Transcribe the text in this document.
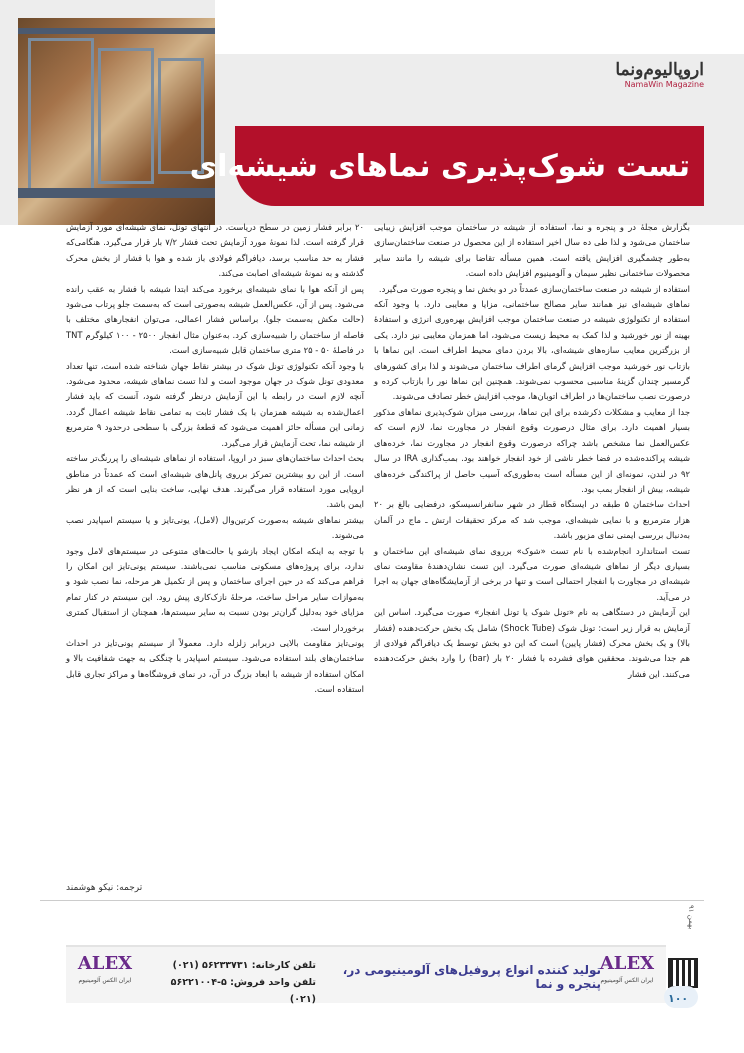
اروپالیوم‌ونما
NamaWin Magazine
تست شوک‌پذیری نماهای شیشه‌ای

بگزارش مجلهٔ در و پنجره و نما، استفاده از شیشه در ساختمان موجب افزایش زیبایی ساختمان می‌شود و لذا طی ده سال اخیر استفاده از این محصول در صنعت ساختمان‌سازی به‌طور چشمگیری افزایش یافته است. همین مسأله تقاضا برای شیشه را مانند سایر محصولات ساختمانی نظیر سیمان و آلومینیوم افزایش داده است.

استفاده از شیشه در صنعت ساختمان‌سازی عمدتاً در دو بخش نما و پنجره صورت می‌گیرد.

نماهای شیشه‌ای نیز همانند سایر مصالح ساختمانی، مزایا و معایبی دارد. با وجود آنکه استفاده از تکنولوژی شیشه در صنعت ساختمان موجب افزایش بهره‌وری انرژی و استفادهٔ بهینه از نور خورشید و لذا کمک به محیط زیست می‌شود، اما همزمان معایبی نیز دارد. یکی از بزرگترین معایب سازه‌های شیشه‌ای، بالا بردن دمای محیط اطراف است. این نماها با بازتاب نور خورشید موجب افزایش گرمای اطراف ساختمان می‌شوند و لذا برای کشورهای گرمسیر چندان گزینهٔ مناسبی محسوب نمی‌شوند. همچنین این نماها نور را بازتاب کرده و درصورت نصب ساختمان‌ها در اطراف اتوبان‌ها، موجب افزایش خطر تصادف می‌شوند.

جدا از معایب و مشکلات ذکرشده برای این نماها، بررسی میزان شوک‌پذیری نماهای مذکور بسیار اهمیت دارد. برای مثال درصورت وقوع انفجار در مجاورت نما، لازم است که عکس‌العمل نما مشخص باشد چراکه درصورت وقوع انفجار در مجاورت نما، خرده‌های شیشه پراکنده‌شده در فضا خطر ناشی از خود انفجار خواهند بود. بمب‌گذاری IRA در سال ۹۲ در لندن، نمونه‌ای از این مسأله است به‌طوری‌که آسیب حاصل از پراکندگی خرده‌های شیشه، بیش از انفجار بمب بود.

احداث ساختمان ۵ طبقه در ایستگاه قطار در شهر سانفرانسیسکو، درفضایی بالغ بر ۲۰ هزار مترمربع و با نمایی شیشه‌ای، موجب شد که مرکز تحقیقات ارتش ـ ماج در آلمان به‌دنبال بررسی ایمنی نمای مزبور باشد.

تست استاندارد انجام‌شده با نام تست «شوک» برروی نمای شیشه‌ای این ساختمان و بسیاری دیگر از نماهای شیشه‌ای صورت می‌گیرد. این تست نشان‌دهندهٔ مقاومت نمای شیشه‌ای در مجاورت با انفجار احتمالی است و تنها در برخی از آزمایشگاه‌های جهان به اجرا در می‌آید.

این آزمایش در دستگاهی به نام «تونل شوک یا تونل انفجار» صورت می‌گیرد. اساس این آزمایش به قرار زیر است: تونل شوک (Shock Tube) شامل یک بخش حرکت‌دهنده (فشار بالا) و یک بخش محرک (فشار پایین) است که این دو بخش توسط یک دیافراگم فولادی از هم جدا می‌شوند. محققین هوای فشرده با فشار ۲۰ بار (bar) را وارد بخش حرکت‌دهنده می‌کنند. این فشار

۲۰ برابر فشار زمین در سطح دریاست. در انتهای تونل، نمای شیشه‌ای مورد آزمایش قرار گرفته است. لذا نمونهٔ مورد آزمایش تحت فشار ۷/۲ بار قرار می‌گیرد. هنگامی‌که فشار به حد مناسب برسد، دیافراگم فولادی باز شده و هوا با فشار از بخش محرک گذشته و به نمونهٔ شیشه‌ای اصابت می‌کند.

پس از آنکه هوا با نمای شیشه‌ای برخورد می‌کند ابتدا شیشه با فشار به عقب رانده می‌شود. پس از آن، عکس‌العمل شیشه به‌صورتی است که به‌سمت جلو پرتاب می‌شود (حالت مکش به‌سمت جلو). براساس فشار اعمالی، می‌توان انفجارهای مختلف با فاصله از ساختمان را شبیه‌سازی کرد. به‌عنوان مثال انفجار ۲۵۰۰ - ۱۰۰ کیلوگرم TNT در فاصلهٔ ۵۰ - ۲۵ متری ساختمان قابل شبیه‌سازی است.

با وجود آنکه تکنولوژی تونل شوک در بیشتر نقاط جهان شناخته شده است، تنها تعداد معدودی تونل شوک در جهان موجود است و لذا تست نماهای شیشه، محدود می‌شود. آنچه لازم است در رابطه با این آزمایش درنظر گرفته شود، آنست که باید فشار اعمال‌شده به شیشه همزمان با یک فشار ثابت به تمامی نقاط شیشه اعمال گردد. زمانی این مسأله حائز اهمیت می‌شود که قطعهٔ بزرگی با سطحی درحدود ۹ مترمربع از شیشه نما، تحت آزمایش قرار می‌گیرد.

بحث احداث ساختمان‌های سبز در اروپا، استفاده از نماهای شیشه‌ای را پررنگ‌تر ساخته است. از این رو بیشترین تمرکز برروی پانل‌های شیشه‌ای است که عمدتاً در مناطق اروپایی مورد استفاده قرار می‌گیرند. هدف نهایی، ساخت بنایی است که از هر نظر ایمن باشد.

بیشتر نماهای شیشه به‌صورت کرتین‌وال (لامل)، یونی‌تایز و یا سیستم اسپایدر نصب می‌شوند.

با توجه به اینکه امکان ایجاد بازشو یا حالت‌های متنوعی در سیستم‌های لامل وجود ندارد، برای پروژه‌های مسکونی مناسب نمی‌باشند. سیستم یونی‌تایز این امکان را فراهم می‌کند که در حین اجرای ساختمان و پس از تکمیل هر مرحله، نما نصب شود و به‌موازات سایر مراحل ساخت، مرحلهٔ نازک‌کاری پیش رود. این سیستم در کنار تمام مزایای خود به‌دلیل گران‌تر بودن نسبت به سایر سیستم‌ها، همچنان از استقبال کمتری برخوردار است.

یونی‌تایز مقاومت بالایی دربرابر زلزله دارد. معمولاً از سیستم یونی‌تایز در احداث ساختمان‌های بلند استفاده می‌شود. سیستم اسپایدر با چنگکی به جهت شفافیت بالا و امکان استفاده از شیشه با ابعاد بزرگ در آن، در نمای فروشگاه‌ها و مراکز تجاری قابل استفاده است.

ترجمه: نیکو هوشمند
بهمن ۹۱
ALEX
ایران الکس آلومینیوم
تولید کننده انواع پروفیل‌های آلومینیومی در، پنجره و نما
تلفن کارخانه: ۵۶۲۳۳۷۳۱ (۰۲۱)
تلفن واحد فروش: ۵-۵۶۲۲۱۰۰۴ (۰۲۱)
ALEX
ایران الکس آلومینیوم
۱۰۰
